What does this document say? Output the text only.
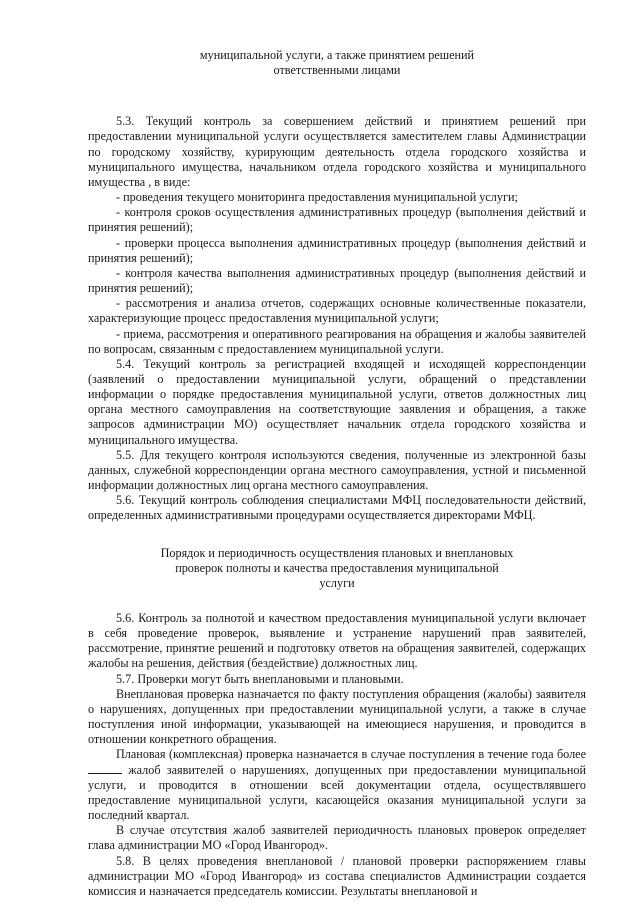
муниципальной услуги, а также принятием решений
ответственными лицами

5.3. Текущий контроль за совершением действий и принятием решений при предоставлении муниципальной услуги осуществляется заместителем главы Администрации по городскому хозяйству, курирующим деятельность отдела городского хозяйства и муниципального имущества, начальником отдела городского хозяйства и муниципального имущества , в виде:

- проведения текущего мониторинга предоставления муниципальной услуги;

- контроля сроков осуществления административных процедур (выполнения действий и принятия решений);

- проверки процесса выполнения административных процедур (выполнения действий и принятия решений);

- контроля качества выполнения административных процедур (выполнения действий и принятия решений);

- рассмотрения и анализа отчетов, содержащих основные количественные показатели, характеризующие процесс предоставления муниципальной услуги;

- приема, рассмотрения и оперативного реагирования на обращения и жалобы заявителей по вопросам, связанным с предоставлением муниципальной услуги.

5.4. Текущий контроль за регистрацией входящей и исходящей корреспонденции (заявлений о предоставлении муниципальной услуги, обращений о представлении информации о порядке предоставления муниципальной услуги, ответов должностных лиц органа местного самоуправления на соответствующие заявления и обращения, а также запросов администрации МО) осуществляет начальник отдела городского хозяйства и муниципального имущества.

5.5. Для текущего контроля используются сведения, полученные из электронной базы данных, служебной корреспонденции органа местного самоуправления, устной и письменной информации должностных лиц органа местного самоуправления.

5.6. Текущий контроль соблюдения специалистами МФЦ последовательности действий, определенных административными процедурами осуществляется директорами МФЦ.

Порядок и периодичность осуществления плановых и внеплановых
проверок полноты и качества предоставления муниципальной
услуги

5.6. Контроль за полнотой и качеством предоставления муниципальной услуги включает в себя проведение проверок, выявление и устранение нарушений прав заявителей, рассмотрение, принятие решений и подготовку ответов на обращения заявителей, содержащих жалобы на решения, действия (бездействие) должностных лиц.

5.7. Проверки могут быть внеплановыми и плановыми.

Внеплановая проверка назначается по факту поступления обращения (жалобы) заявителя о нарушениях, допущенных при предоставлении муниципальной услуги, а также в случае поступления иной информации, указывающей на имеющиеся нарушения, и проводится в отношении конкретного обращения.

Плановая (комплексная) проверка назначается в случае поступления в течение года более  жалоб заявителей о нарушениях, допущенных при предоставлении муниципальной услуги, и проводится в отношении всей документации отдела, осуществлявшего предоставление муниципальной услуги, касающейся оказания муниципальной услуги за последний квартал.

В случае отсутствия жалоб заявителей периодичность плановых проверок определяет глава администрации МО «Город Ивангород».

5.8. В целях проведения внеплановой / плановой проверки распоряжением главы администрации МО «Город Ивангород» из состава специалистов Администрации создается комиссия и назначается председатель комиссии. Результаты внеплановой и
